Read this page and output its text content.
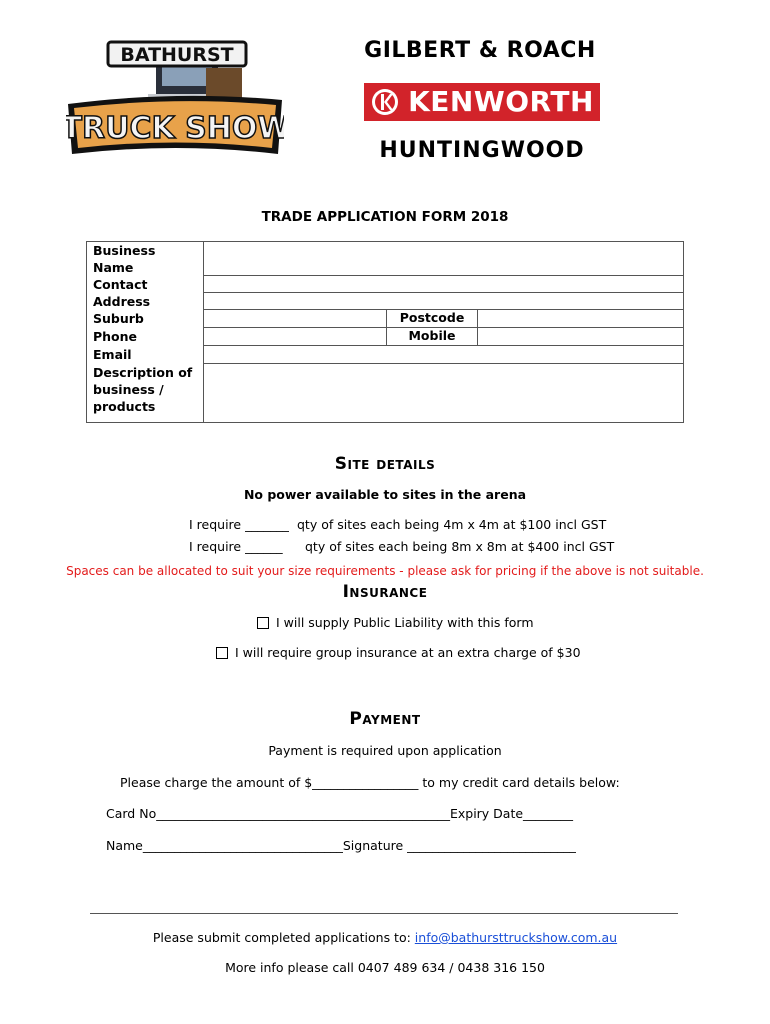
BATHURST
TRUCK SHOW
GILBERT & ROACH
KENWORTH
HUNTINGWOOD
TRADE APPLICATION FORM 2018
Business
Name
Contact
Address
Suburb	Postcode
Phone	Mobile
Email
Description of
business /
products
Site details
No power available to sites in the arena
I require _______ qty of sites each being 4m x 4m at $100 incl GST
I require ______ qty of sites each being 8m x 8m at $400 incl GST
Spaces can be allocated to suit your size requirements - please ask for pricing if the above is not suitable.
Insurance
I will supply Public Liability with this form
I will require group insurance at an extra charge of $30
Payment
Payment is required upon application
Please charge the amount of $_________________ to my credit card details below:
Card No_______________________________________________Expiry Date________
Name________________________________Signature ___________________________
Please submit completed applications to: info@bathursttruckshow.com.au
More info please call 0407 489 634 / 0438 316 150
